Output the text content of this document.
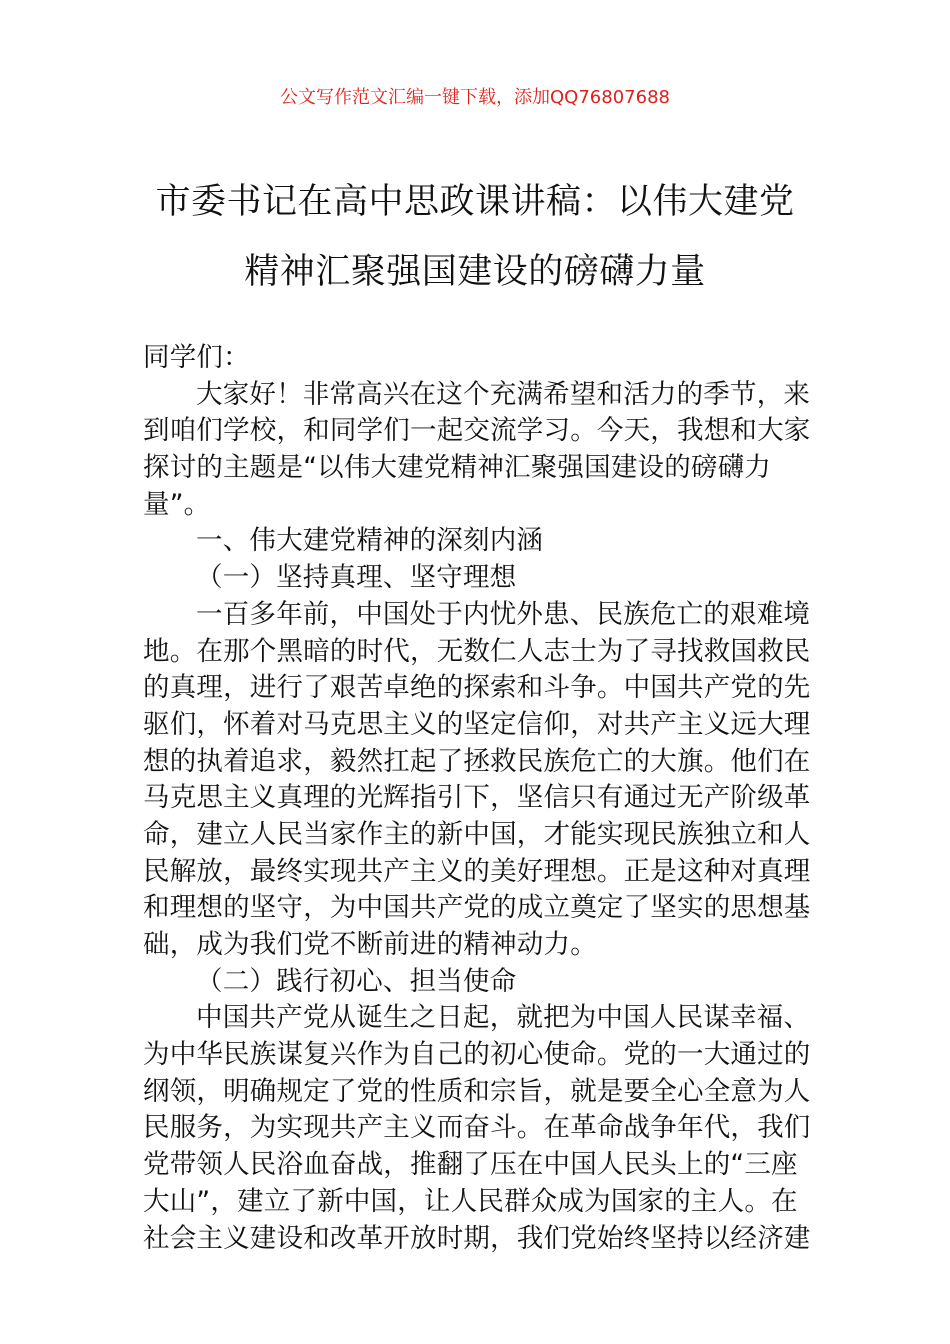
公文写作范文汇编一键下载，添加QQ76807688
市委书记在高中思政课讲稿：以伟大建党
精神汇聚强国建设的磅礴力量
同学们：
大家好！非常高兴在这个充满希望和活力的季节，来
到咱们学校，和同学们一起交流学习。今天，我想和大家
探讨的主题是“以伟大建党精神汇聚强国建设的磅礴力
量”。
一、伟大建党精神的深刻内涵
（一）坚持真理、坚守理想
一百多年前，中国处于内忧外患、民族危亡的艰难境
地。在那个黑暗的时代，无数仁人志士为了寻找救国救民
的真理，进行了艰苦卓绝的探索和斗争。中国共产党的先
驱们，怀着对马克思主义的坚定信仰，对共产主义远大理
想的执着追求，毅然扛起了拯救民族危亡的大旗。他们在
马克思主义真理的光辉指引下，坚信只有通过无产阶级革
命，建立人民当家作主的新中国，才能实现民族独立和人
民解放，最终实现共产主义的美好理想。正是这种对真理
和理想的坚守，为中国共产党的成立奠定了坚实的思想基
础，成为我们党不断前进的精神动力。
（二）践行初心、担当使命
中国共产党从诞生之日起，就把为中国人民谋幸福、
为中华民族谋复兴作为自己的初心使命。党的一大通过的
纲领，明确规定了党的性质和宗旨，就是要全心全意为人
民服务，为实现共产主义而奋斗。在革命战争年代，我们
党带领人民浴血奋战，推翻了压在中国人民头上的“三座
大山”，建立了新中国，让人民群众成为国家的主人。在
社会主义建设和改革开放时期，我们党始终坚持以经济建
